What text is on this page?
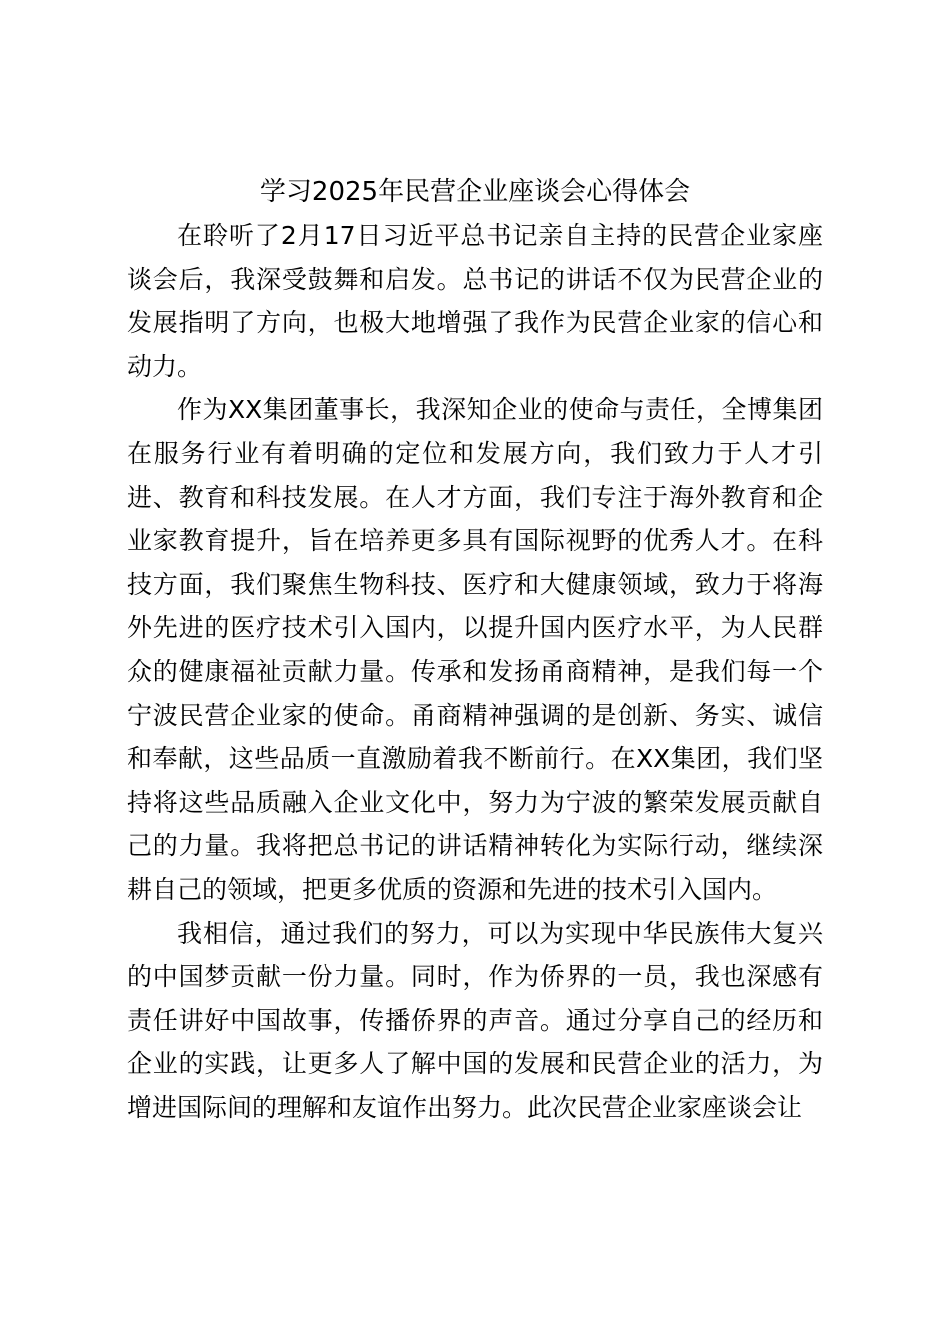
学习2025年民营企业座谈会心得体会

在聆听了2月17日习近平总书记亲自主持的民营企业家座谈会后，我深受鼓舞和启发。总书记的讲话不仅为民营企业的发展指明了方向，也极大地增强了我作为民营企业家的信心和动力。

作为XX集团董事长，我深知企业的使命与责任，全博集团在服务行业有着明确的定位和发展方向，我们致力于人才引进、教育和科技发展。在人才方面，我们专注于海外教育和企业家教育提升，旨在培养更多具有国际视野的优秀人才。在科技方面，我们聚焦生物科技、医疗和大健康领域，致力于将海外先进的医疗技术引入国内，以提升国内医疗水平，为人民群众的健康福祉贡献力量。传承和发扬甬商精神，是我们每一个宁波民营企业家的使命。甬商精神强调的是创新、务实、诚信和奉献，这些品质一直激励着我不断前行。在XX集团，我们坚持将这些品质融入企业文化中，努力为宁波的繁荣发展贡献自己的力量。我将把总书记的讲话精神转化为实际行动，继续深耕自己的领域，把更多优质的资源和先进的技术引入国内。

我相信，通过我们的努力，可以为实现中华民族伟大复兴的中国梦贡献一份力量。同时，作为侨界的一员，我也深感有责任讲好中国故事，传播侨界的声音。通过分享自己的经历和企业的实践，让更多人了解中国的发展和民营企业的活力，为增进国际间的理解和友谊作出努力。此次民营企业家座谈会让
